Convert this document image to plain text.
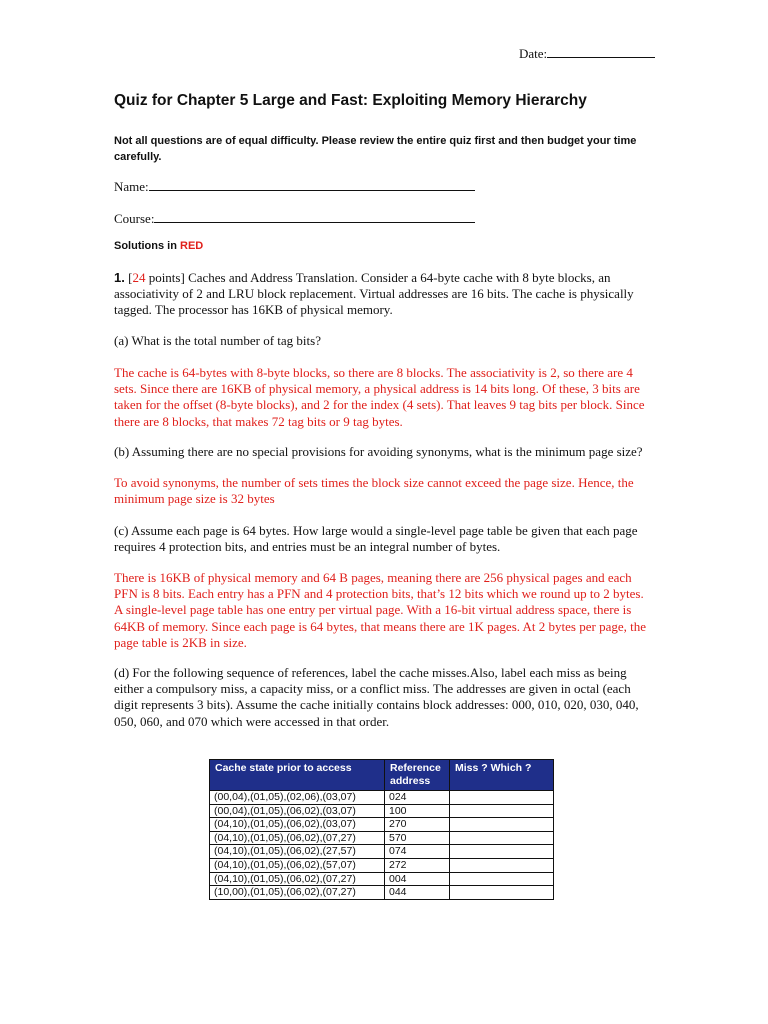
Date:
Quiz for Chapter 5 Large and Fast: Exploiting Memory Hierarchy
Not all questions are of equal difficulty. Please review the entire quiz first and then budget your time carefully.
Name:
Course:
Solutions in RED

1. [24 points] Caches and Address Translation. Consider a 64-byte cache with 8 byte blocks, an associativity of 2 and LRU block replacement. Virtual addresses are 16 bits. The cache is physically tagged. The processor has 16KB of physical memory.

(a) What is the total number of tag bits?
The cache is 64-bytes with 8-byte blocks, so there are 8 blocks. The associativity is 2, so there are 4 sets. Since there are 16KB of physical memory, a physical address is 14 bits long. Of these, 3 bits are taken for the offset (8-byte blocks), and 2 for the index (4 sets). That leaves 9 tag bits per block. Since there are 8 blocks, that makes 72 tag bits or 9 tag bytes.
(b) Assuming there are no special provisions for avoiding synonyms, what is the minimum page size?
To avoid synonyms, the number of sets times the block size cannot exceed the page size. Hence, the minimum page size is 32 bytes
(c) Assume each page is 64 bytes. How large would a single-level page table be given that each page requires 4 protection bits, and entries must be an integral number of bytes.
There is 16KB of physical memory and 64 B pages, meaning there are 256 physical pages and each PFN is 8 bits. Each entry has a PFN and 4 protection bits, that’s 12 bits which we round up to 2 bytes. A single-level page table has one entry per virtual page. With a 16-bit virtual address space, there is 64KB of memory. Since each page is 64 bytes, that means there are 1K pages. At 2 bytes per page, the page table is 2KB in size.
(d) For the following sequence of references, label the cache misses.Also, label each miss as being either a compulsory miss, a capacity miss, or a conflict miss. The addresses are given in octal (each digit represents 3 bits). Assume the cache initially contains block addresses: 000, 010, 020, 030, 040, 050, 060, and 070 which were accessed in that order.
Cache state prior to access	Reference address	Miss ? Which ?
(00,04),(01,05),(02,06),(03,07)	024	
(00,04),(01,05),(06,02),(03,07)	100	
(04,10),(01,05),(06,02),(03,07)	270	
(04,10),(01,05),(06,02),(07,27)	570	
(04,10),(01,05),(06,02),(27,57)	074	
(04,10),(01,05),(06,02),(57,07)	272	
(04,10),(01,05),(06,02),(07,27)	004	
(10,00),(01,05),(06,02),(07,27)	044	
